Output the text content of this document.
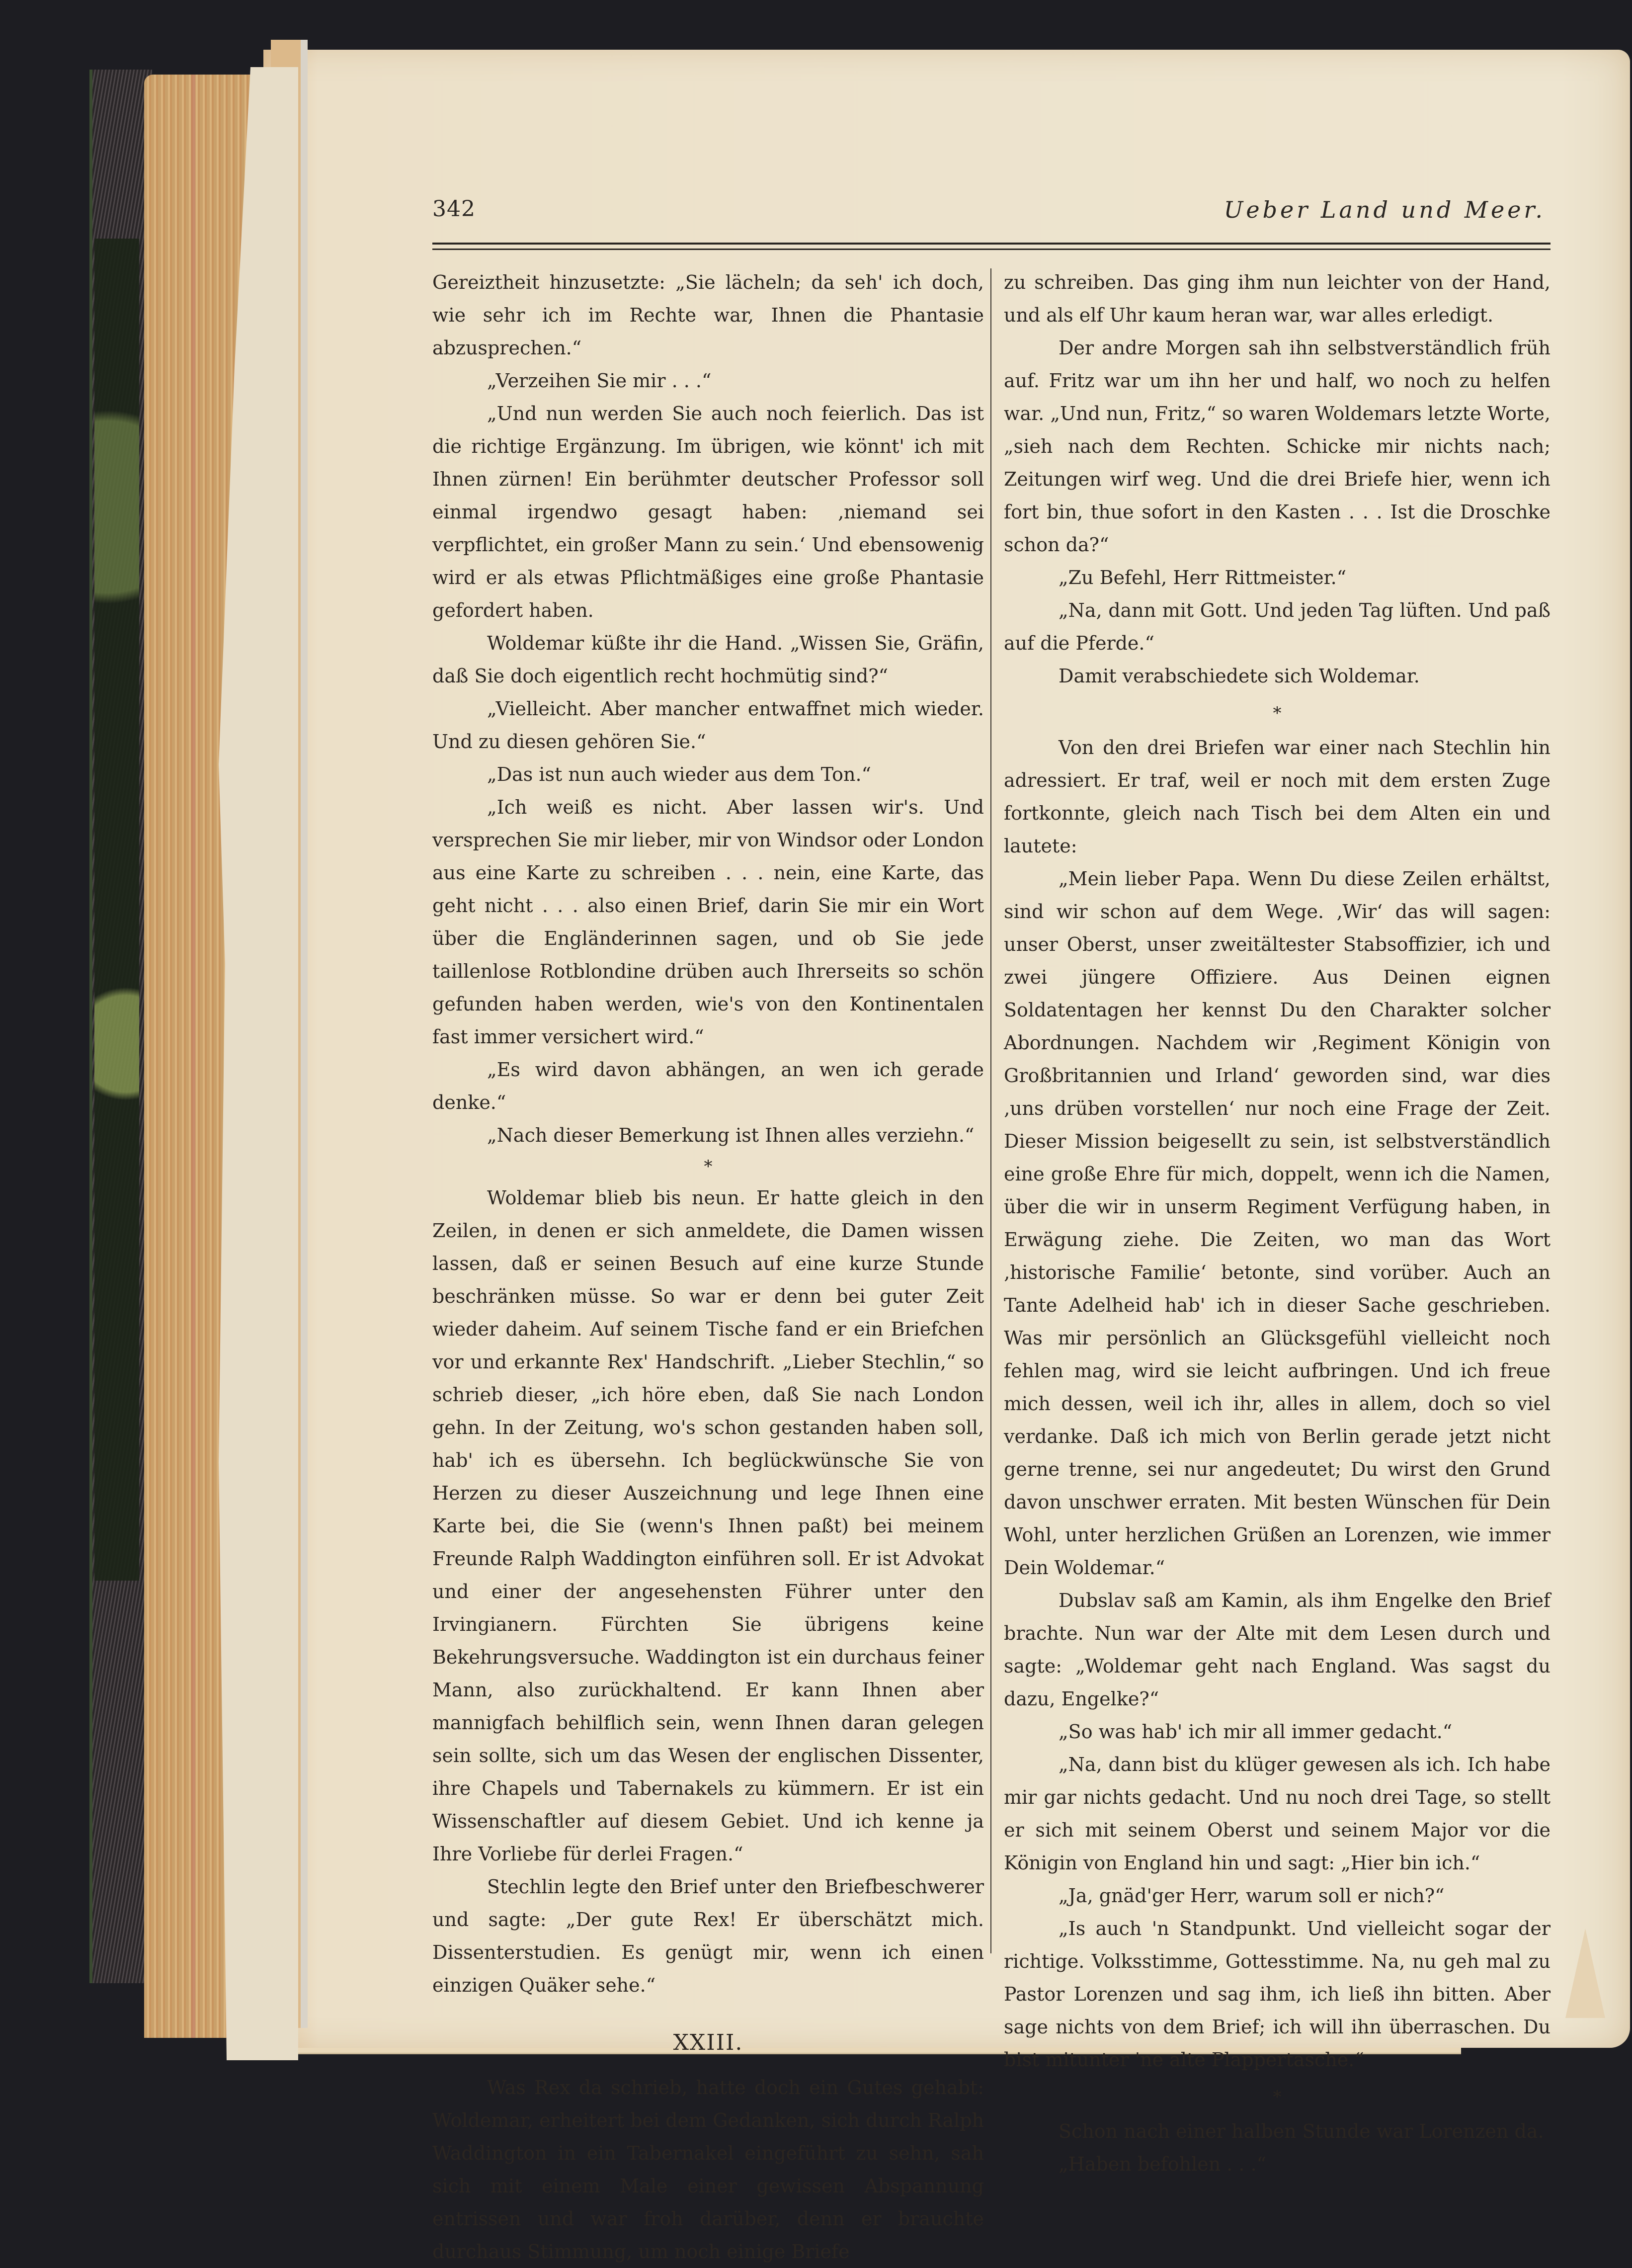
342	Ueber Land und Meer.

Gereiztheit hinzusetzte: „Sie lächeln; da seh' ich doch, wie sehr ich im Rechte war, Ihnen die Phantasie abzusprechen.“

„Verzeihen Sie mir . . .“

„Und nun werden Sie auch noch feierlich. Das ist die richtige Ergänzung. Im übrigen, wie könnt' ich mit Ihnen zürnen! Ein berühmter deutscher Professor soll einmal irgendwo gesagt haben: ‚niemand sei verpflichtet, ein großer Mann zu sein.‘ Und ebensowenig wird er als etwas Pflichtmäßiges eine große Phantasie gefordert haben.

Woldemar küßte ihr die Hand. „Wissen Sie, Gräfin, daß Sie doch eigentlich recht hochmütig sind?“

„Vielleicht. Aber mancher entwaffnet mich wieder. Und zu diesen gehören Sie.“

„Das ist nun auch wieder aus dem Ton.“

„Ich weiß es nicht. Aber lassen wir's. Und versprechen Sie mir lieber, mir von Windsor oder London aus eine Karte zu schreiben . . . nein, eine Karte, das geht nicht . . . also einen Brief, darin Sie mir ein Wort über die Engländerinnen sagen, und ob Sie jede taillenlose Rotblondine drüben auch Ihrerseits so schön gefunden haben werden, wie's von den Kontinentalen fast immer versichert wird.“

„Es wird davon abhängen, an wen ich gerade denke.“

„Nach dieser Bemerkung ist Ihnen alles verziehn.“

*

Woldemar blieb bis neun. Er hatte gleich in den Zeilen, in denen er sich anmeldete, die Damen wissen lassen, daß er seinen Besuch auf eine kurze Stunde beschränken müsse. So war er denn bei guter Zeit wieder daheim. Auf seinem Tische fand er ein Briefchen vor und erkannte Rex' Handschrift. „Lieber Stechlin,“ so schrieb dieser, „ich höre eben, daß Sie nach London gehn. In der Zeitung, wo's schon gestanden haben soll, hab' ich es übersehn. Ich beglückwünsche Sie von Herzen zu dieser Auszeichnung und lege Ihnen eine Karte bei, die Sie (wenn's Ihnen paßt) bei meinem Freunde Ralph Waddington einführen soll. Er ist Advokat und einer der angesehensten Führer unter den Irvingianern. Fürchten Sie übrigens keine Bekehrungsversuche. Waddington ist ein durchaus feiner Mann, also zurückhaltend. Er kann Ihnen aber mannigfach behilflich sein, wenn Ihnen daran gelegen sein sollte, sich um das Wesen der englischen Dissenter, ihre Chapels und Tabernakels zu kümmern. Er ist ein Wissenschaftler auf diesem Gebiet. Und ich kenne ja Ihre Vorliebe für derlei Fragen.“

Stechlin legte den Brief unter den Briefbeschwerer und sagte: „Der gute Rex! Er überschätzt mich. Dissenterstudien. Es genügt mir, wenn ich einen einzigen Quäker sehe.“

XXIII.

Was Rex da schrieb, hatte doch ein Gutes gehabt: Woldemar, erheitert bei dem Gedanken, sich durch Ralph Waddington in ein Tabernakel eingeführt zu sehn, sah sich mit einem Male einer gewissen Abspannung entrissen und war froh darüber, denn er brauchte durchaus Stimmung, um noch einige Briefe

zu schreiben. Das ging ihm nun leichter von der Hand, und als elf Uhr kaum heran war, war alles erledigt.

Der andre Morgen sah ihn selbstverständlich früh auf. Fritz war um ihn her und half, wo noch zu helfen war. „Und nun, Fritz,“ so waren Woldemars letzte Worte, „sieh nach dem Rechten. Schicke mir nichts nach; Zeitungen wirf weg. Und die drei Briefe hier, wenn ich fort bin, thue sofort in den Kasten . . . Ist die Droschke schon da?“

„Zu Befehl, Herr Rittmeister.“

„Na, dann mit Gott. Und jeden Tag lüften. Und paß auf die Pferde.“

Damit verabschiedete sich Woldemar.

*

Von den drei Briefen war einer nach Stechlin hin adressiert. Er traf, weil er noch mit dem ersten Zuge fortkonnte, gleich nach Tisch bei dem Alten ein und lautete:

„Mein lieber Papa. Wenn Du diese Zeilen erhältst, sind wir schon auf dem Wege. ‚Wir‘ das will sagen: unser Oberst, unser zweitältester Stabsoffizier, ich und zwei jüngere Offiziere. Aus Deinen eignen Soldatentagen her kennst Du den Charakter solcher Abordnungen. Nachdem wir ‚Regiment Königin von Großbritannien und Irland‘ geworden sind, war dies ‚uns drüben vorstellen‘ nur noch eine Frage der Zeit. Dieser Mission beigesellt zu sein, ist selbstverständlich eine große Ehre für mich, doppelt, wenn ich die Namen, über die wir in unserm Regiment Verfügung haben, in Erwägung ziehe. Die Zeiten, wo man das Wort ‚historische Familie‘ betonte, sind vorüber. Auch an Tante Adelheid hab' ich in dieser Sache geschrieben. Was mir persönlich an Glücksgefühl vielleicht noch fehlen mag, wird sie leicht aufbringen. Und ich freue mich dessen, weil ich ihr, alles in allem, doch so viel verdanke. Daß ich mich von Berlin gerade jetzt nicht gerne trenne, sei nur angedeutet; Du wirst den Grund davon unschwer erraten. Mit besten Wünschen für Dein Wohl, unter herzlichen Grüßen an Lorenzen, wie immer Dein Woldemar.“

Dubslav saß am Kamin, als ihm Engelke den Brief brachte. Nun war der Alte mit dem Lesen durch und sagte: „Woldemar geht nach England. Was sagst du dazu, Engelke?“

„So was hab' ich mir all immer gedacht.“

„Na, dann bist du klüger gewesen als ich. Ich habe mir gar nichts gedacht. Und nu noch drei Tage, so stellt er sich mit seinem Oberst und seinem Major vor die Königin von England hin und sagt: „Hier bin ich.“

„Ja, gnäd'ger Herr, warum soll er nich?“

„Is auch 'n Standpunkt. Und vielleicht sogar der richtige. Volksstimme, Gottesstimme. Na, nu geh mal zu Pastor Lorenzen und sag ihm, ich ließ ihn bitten. Aber sage nichts von dem Brief; ich will ihn überraschen. Du bist mitunter 'ne alte Plappertasche.“

*

Schon nach einer halben Stunde war Lorenzen da.

„Haben befohlen . . .“
